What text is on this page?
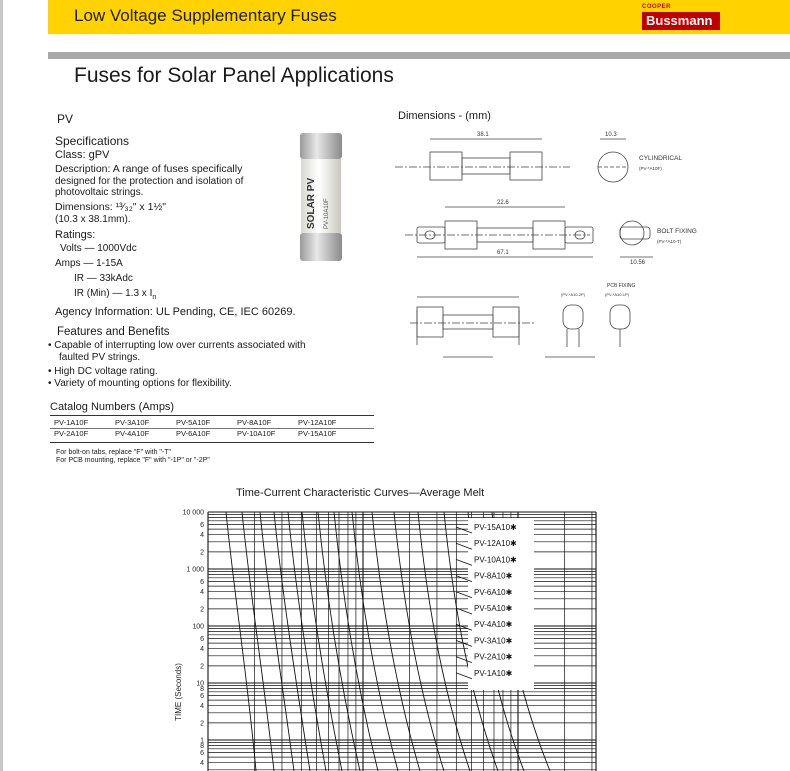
Low Voltage Supplementary Fuses	COOPER
Bussmann
Fuses for Solar Panel Applications
PV
Specifications
Class: gPV
Description: A range of fuses specifically
designed for the protection and isolation of
photovoltaic strings.
Dimensions: ¹³⁄₃₂" x 1½"
(10.3 x 38.1mm).
Ratings:
Volts — 1000Vdc
Amps — 1-15A
IR — 33kAdc
IR (Min) — 1.3 x $I_n$
Agency Information: UL Pending, CE, IEC 60269.
Features and Benefits
• Capable of interrupting low over currents associated with
faulted PV strings.
• High DC voltage rating.
• Variety of mounting options for flexibility.
SOLAR PV PV-10A10F
Dimensions - (mm)
38.1	10.3
CYLINDRICAL
(PV-*A10F)
22.6
67.1
10.56
BOLT FIXING
(PV-*A10-T)
PCB FIXING
(PV-*A10-2P)	(PV-*A10-1P)
Catalog Numbers (Amps)
PV-1A10F	PV-3A10F	PV-5A10F	PV-8A10F	PV-12A10F
PV-2A10F	PV-4A10F	PV-6A10F	PV-10A10F	PV-15A10F
For bolt-on tabs, replace "F" with "-T"
For PCB mounting, replace "F" with "-1P" or "-2P"
Time-Current Characteristic Curves—Average Melt
10 000
6
4
2
1 000
6
4
2
100
6
4
2
10
8
6
4
2
1
8
6
4
TIME (Seconds)
PV-15A10✱
PV-12A10✱
PV-10A10✱
PV-8A10✱
PV-6A10✱
PV-5A10✱
PV-4A10✱
PV-3A10✱
PV-2A10✱
PV-1A10✱
